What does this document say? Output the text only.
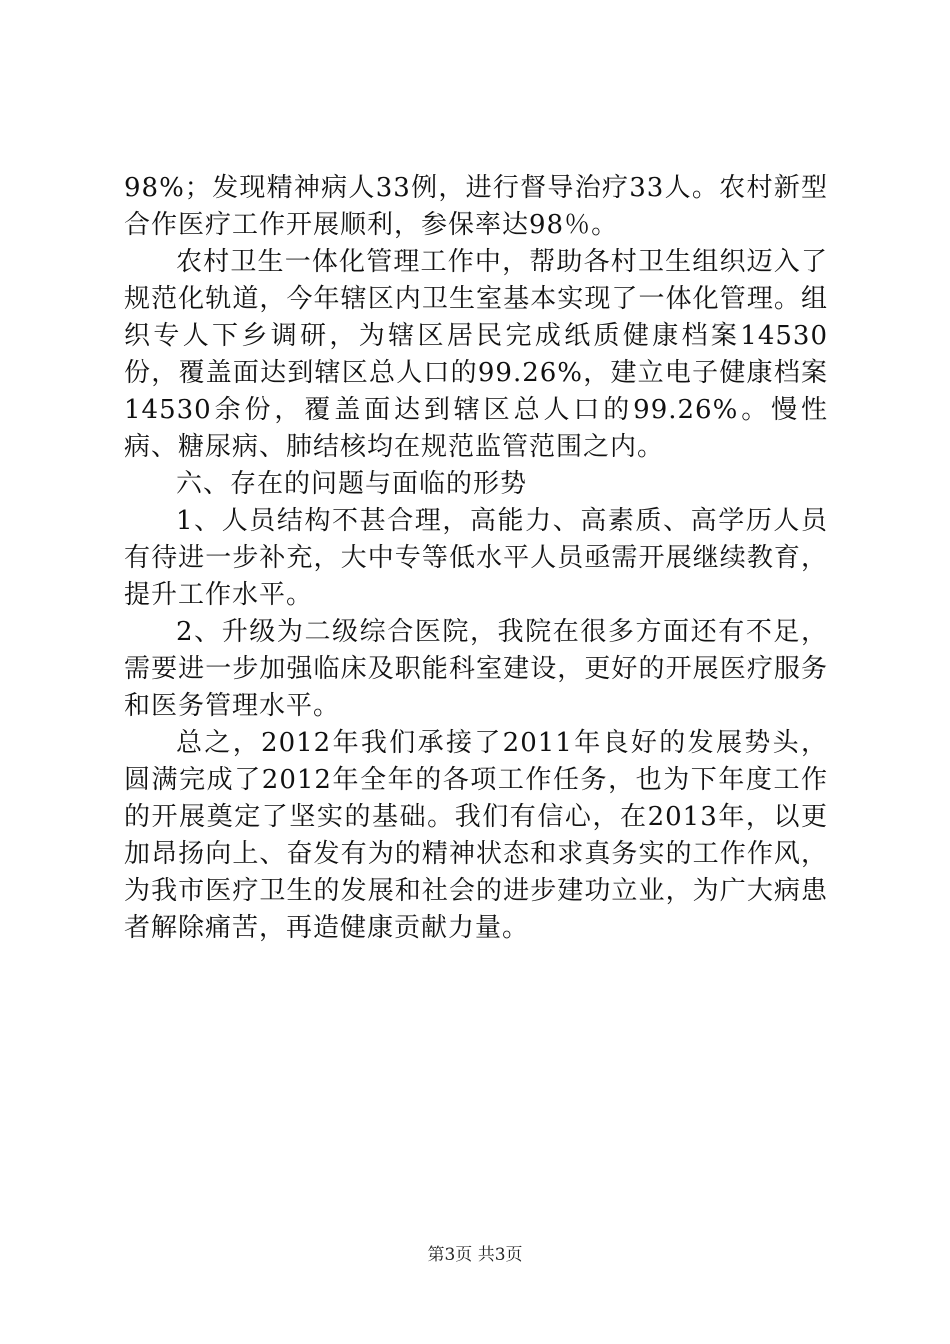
98%；发现精神病人33例，进行督导治疗33人。农村新型合作医疗工作开展顺利，参保率达98％。

农村卫生一体化管理工作中，帮助各村卫生组织迈入了规范化轨道，今年辖区内卫生室基本实现了一体化管理。组织专人下乡调研，为辖区居民完成纸质健康档案14530份，覆盖面达到辖区总人口的99.26%，建立电子健康档案14530余份，覆盖面达到辖区总人口的99.26%。慢性病、糖尿病、肺结核均在规范监管范围之内。

六、存在的问题与面临的形势

1、人员结构不甚合理，高能力、高素质、高学历人员有待进一步补充，大中专等低水平人员亟需开展继续教育，提升工作水平。

2、升级为二级综合医院，我院在很多方面还有不足，需要进一步加强临床及职能科室建设，更好的开展医疗服务和医务管理水平。

总之，2012年我们承接了2011年良好的发展势头，圆满完成了2012年全年的各项工作任务，也为下年度工作的开展奠定了坚实的基础。我们有信心，在2013年，以更加昂扬向上、奋发有为的精神状态和求真务实的工作作风，为我市医疗卫生的发展和社会的进步建功立业，为广大病患者解除痛苦，再造健康贡献力量。

第3页 共3页
